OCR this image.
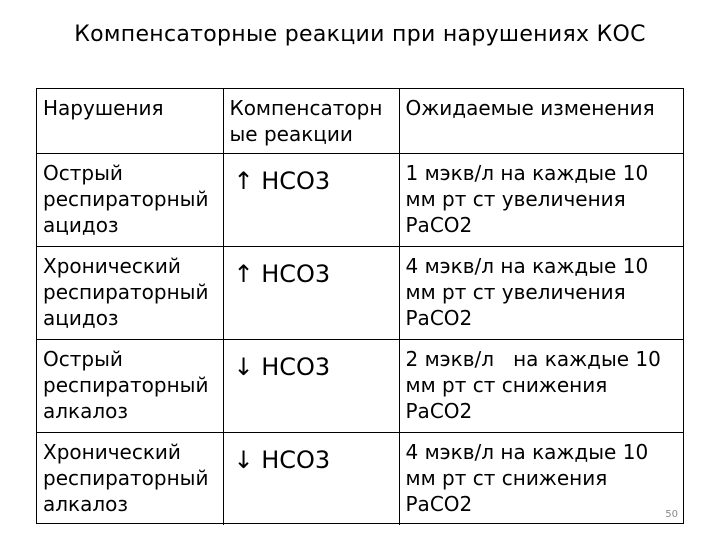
Компенсаторные реакции при нарушениях КОС
Нарушения	Компенсаторн ые реакции	Ожидаемые изменения
Острый респираторный ацидоз	↑ НСО3	1 мэкв/л на каждые 10 мм рт ст увеличения РаСО2
Хронический респираторный ацидоз	↑ НСО3	4 мэкв/л на каждые 10 мм рт ст увеличения РаСО2
Острый респираторный алкалоз	↓ НСО3	2 мэкв/л   на каждые 10 мм рт ст снижения РаСО2
Хронический респираторный алкалоз	↓ НСО3	4 мэкв/л на каждые 10 мм рт ст снижения РаСО2	50
